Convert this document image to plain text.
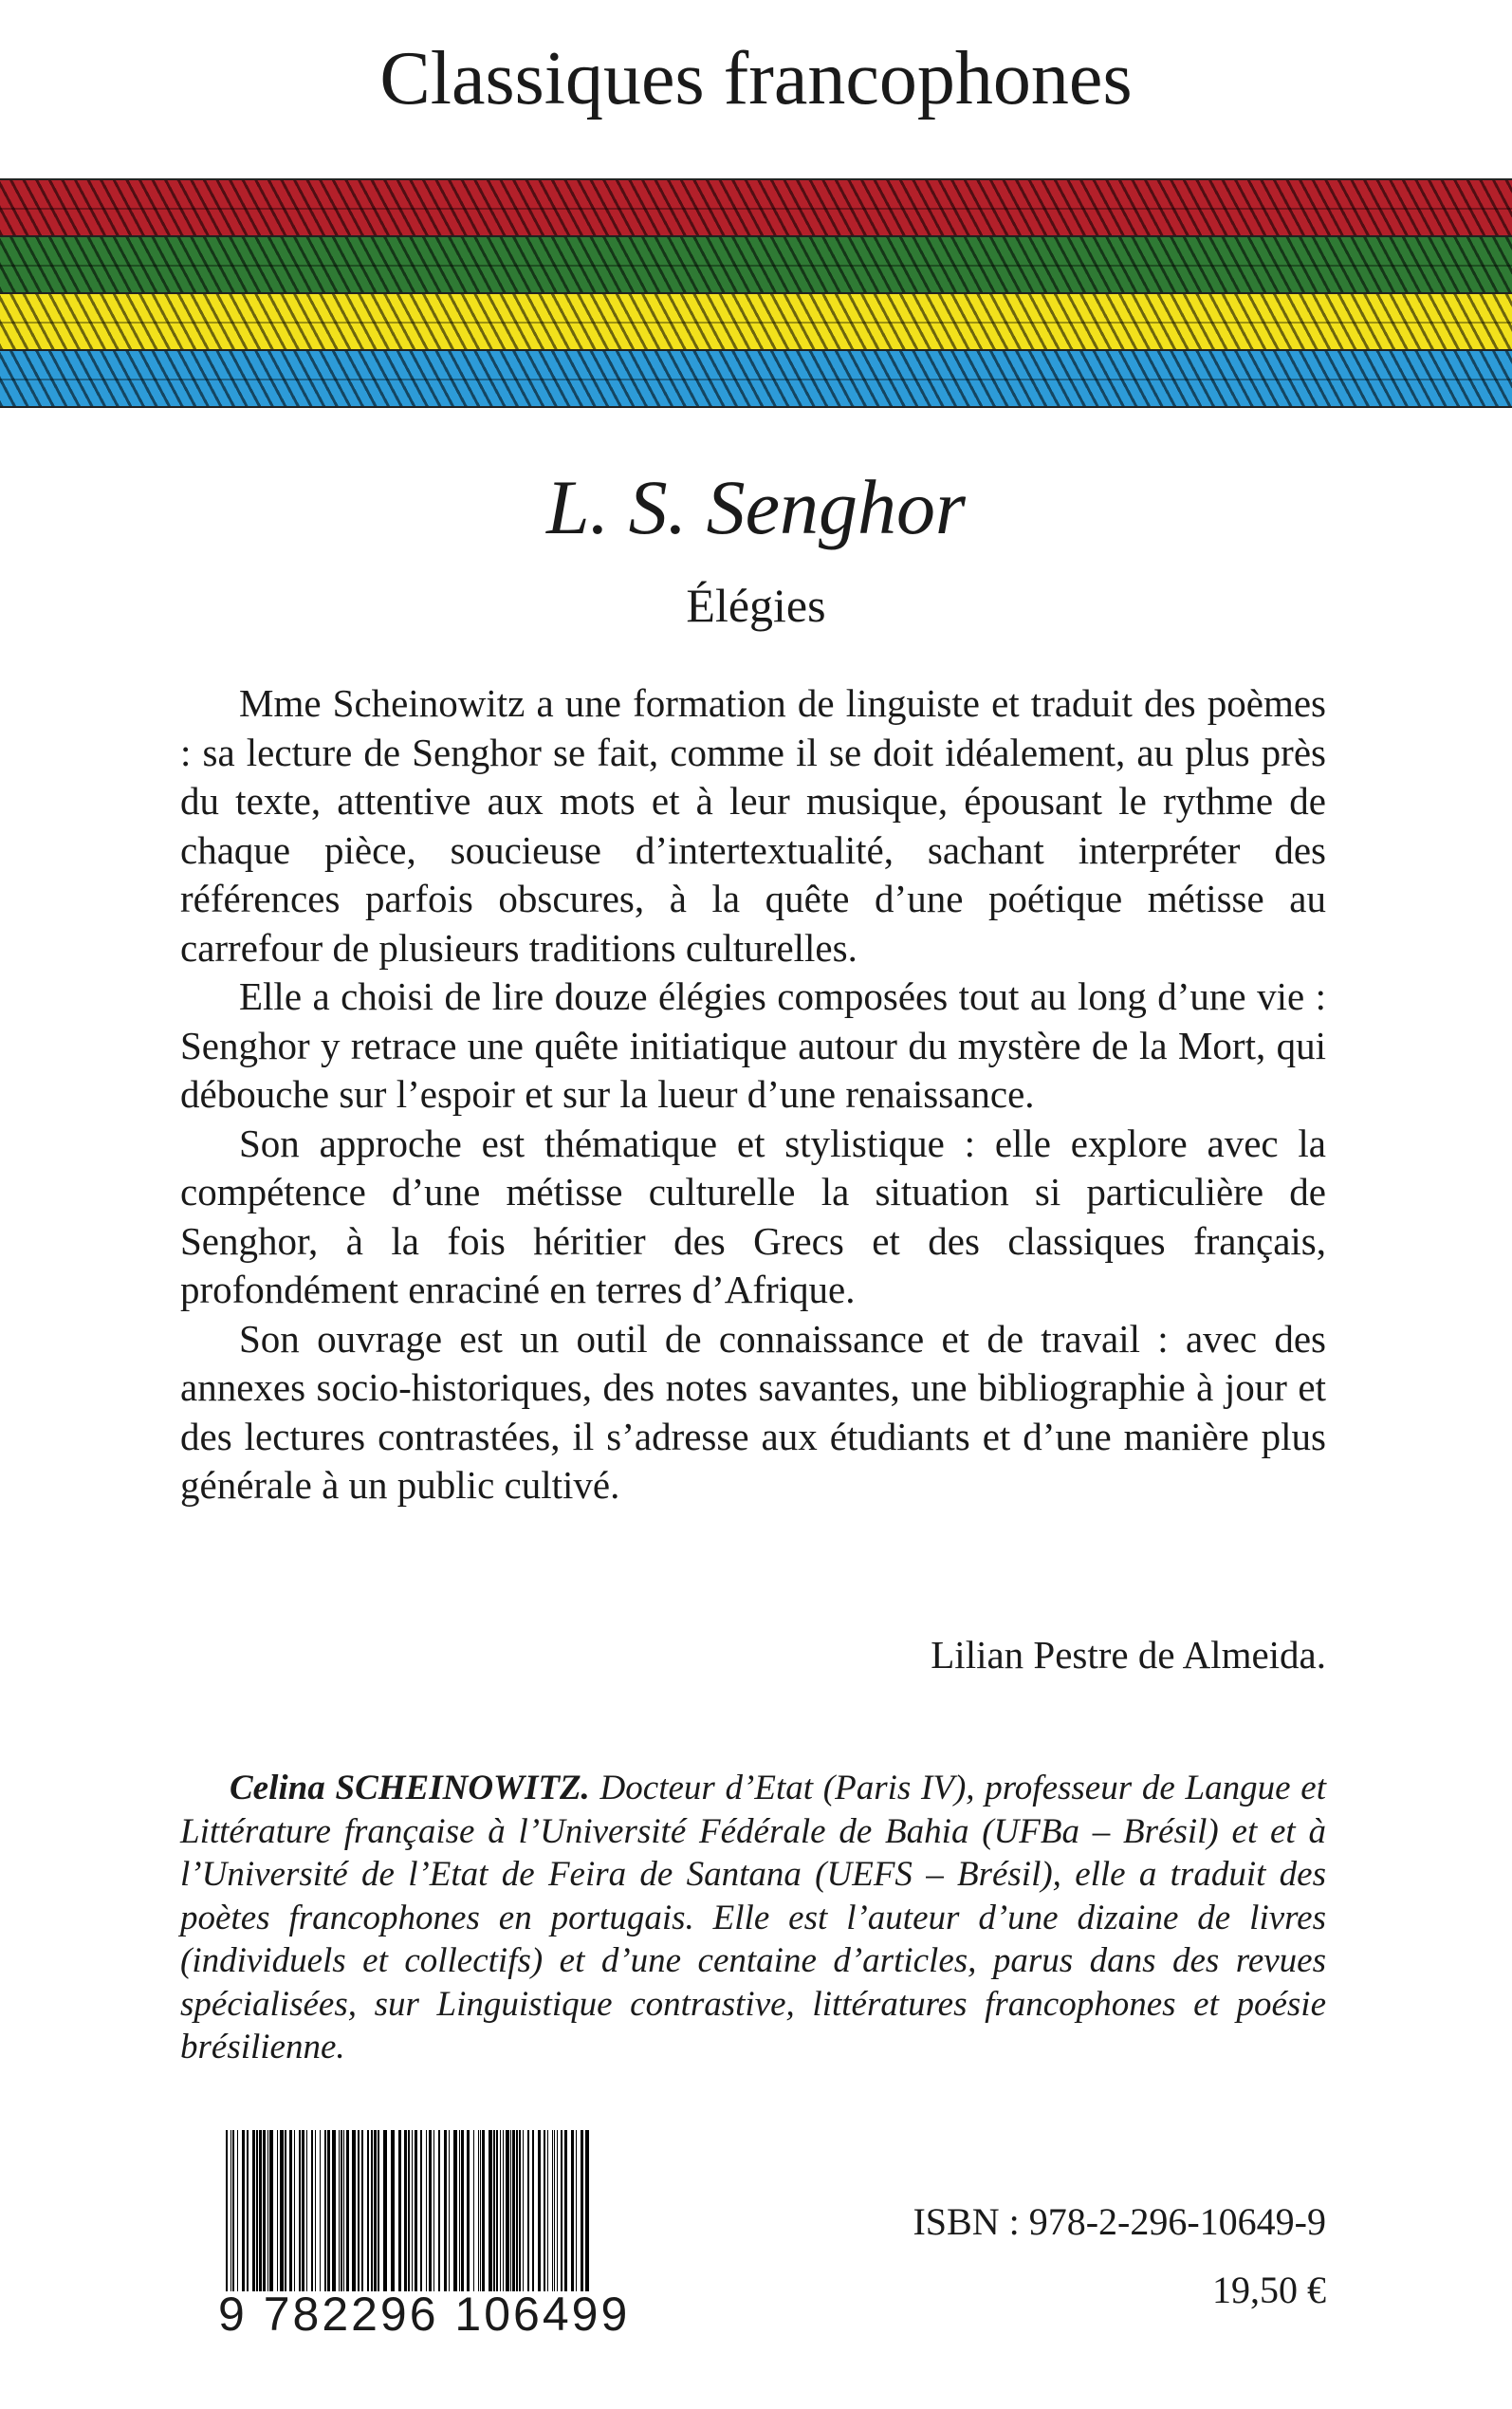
Classiques francophones
L. S. Senghor
Élégies

Mme Scheinowitz a une formation de linguiste et traduit des poèmes : sa lecture de Senghor se fait, comme il se doit idéalement, au plus près du texte, attentive aux mots et à leur musique, épousant le rythme de chaque pièce, soucieuse d’intertextualité, sachant interpréter des références parfois obscures, à la quête d’une poétique métisse au carrefour de plusieurs traditions culturelles.

Elle a choisi de lire douze élégies composées tout au long d’une vie : Senghor y retrace une quête initiatique autour du mystère de la Mort, qui débouche sur l’espoir et sur la lueur d’une renaissance.

Son approche est thématique et stylistique : elle explore avec la compétence d’une métisse culturelle la situation si particulière de Senghor, à la fois héritier des Grecs et des classiques français, profondément enraciné en terres d’Afrique.

Son ouvrage est un outil de connaissance et de travail : avec des annexes socio-historiques, des notes savantes, une bibliographie à jour et des lectures contrastées, il s’adresse aux étudiants et d’une manière plus générale à un public cultivé.

Lilian Pestre de Almeida.

Celina SCHEINOWITZ. Docteur d’Etat (Paris IV), professeur de Langue et Littérature française à l’Université Fédérale de Bahia (UFBa – Brésil) et et à l’Université de l’Etat de Feira de Santana (UEFS – Brésil), elle a traduit des poètes francophones en portugais. Elle est l’auteur d’une dizaine de livres (individuels et collectifs) et d’une centaine d’articles, parus dans des revues spécialisées, sur Linguistique contrastive, littératures francophones et poésie brésilienne.

9 782296 106499
ISBN : 978-2-296-10649-9
19,50 €
